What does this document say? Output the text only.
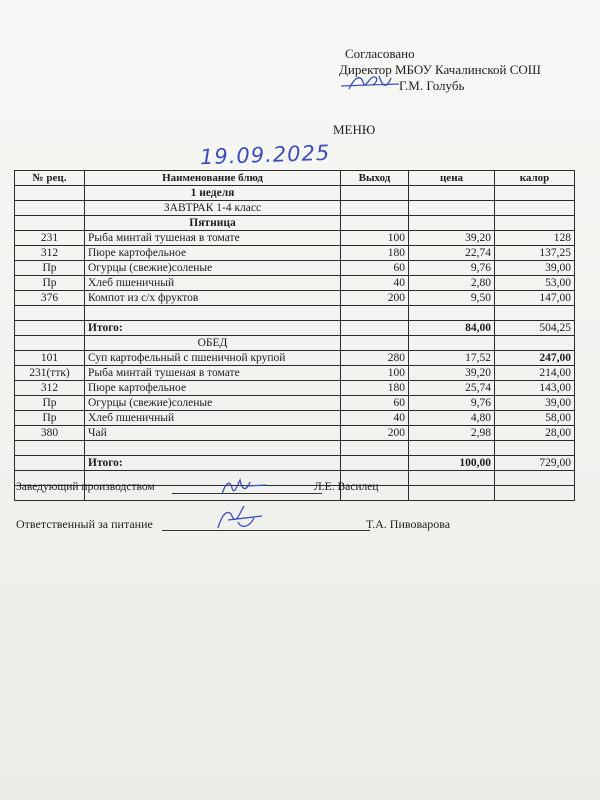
Согласовано
Директор МБОУ Качалинской СОШ
Г.М. Голубь
МЕНЮ
19.09.2025
№ рец.	Наименование блюд	Выход	цена	калор
	1 неделя			
	ЗАВТРАК 1-4 класс			
	Пятница			
231	Рыба минтай тушеная в томате	100	39,20	128
312	Пюре картофельное	180	22,74	137,25
Пр	Огурцы (свежие)соленые	60	9,76	39,00
Пр	Хлеб пшеничный	40	2,80	53,00
376	Компот из с/х фруктов	200	9,50	147,00

	Итого:		84,00	504,25
	ОБЕД			
101	Суп картофельный с пшеничной крупой	280	17,52	247,00
231(ттк)	Рыба минтай тушеная в томате	100	39,20	214,00
312	Пюре картофельное	180	25,74	143,00
Пр	Огурцы (свежие)соленые	60	9,76	39,00
Пр	Хлеб пшеничный	40	4,80	58,00
380	Чай	200	2,98	28,00

	Итого:		100,00	729,00

Заведующий производством	Л.Е. Василец
Ответственный за питание	Т.А. Пивоварова
